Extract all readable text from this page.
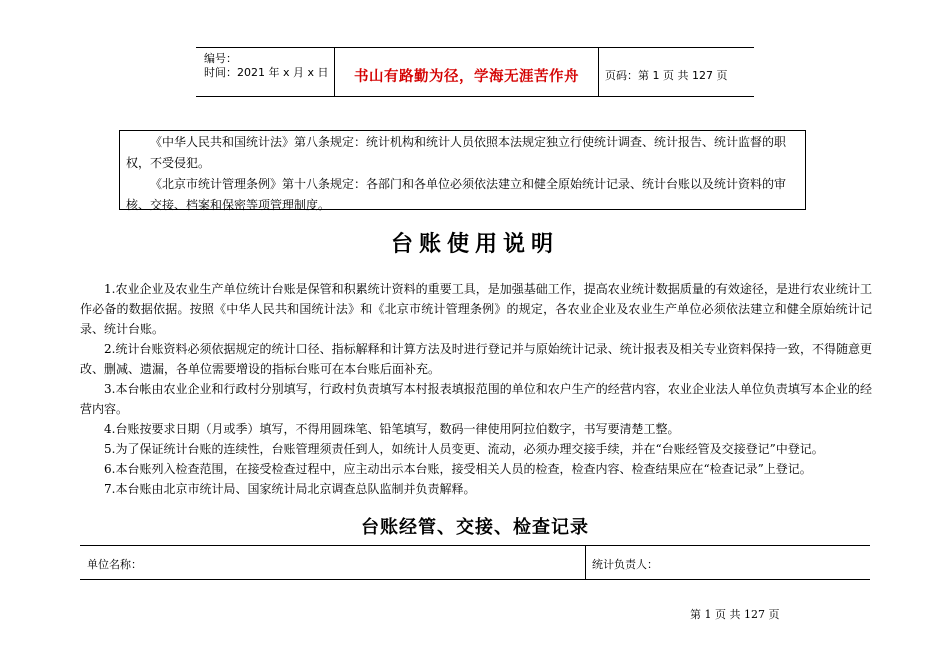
编号：
时间：2021 年 x 月 x 日	书山有路勤为径，学海无涯苦作舟	页码：第 1 页 共 127 页

《中华人民共和国统计法》第八条规定：统计机构和统计人员依照本法规定独立行使统计调查、统计报告、统计监督的职权，不受侵犯。

《北京市统计管理条例》第十八条规定：各部门和各单位必须依法建立和健全原始统计记录、统计台账以及统计资料的审核、交接、档案和保密等项管理制度。

台账使用说明

1.农业企业及农业生产单位统计台账是保管和积累统计资料的重要工具，是加强基础工作，提高农业统计数据质量的有效途径，是进行农业统计工作必备的数据依据。按照《中华人民共和国统计法》和《北京市统计管理条例》的规定，各农业企业及农业生产单位必须依法建立和健全原始统计记录、统计台账。

2.统计台账资料必须依据规定的统计口径、指标解释和计算方法及时进行登记并与原始统计记录、统计报表及相关专业资料保持一致，不得随意更改、删减、遗漏，各单位需要增设的指标台账可在本台账后面补充。

3.本台帐由农业企业和行政村分别填写，行政村负责填写本村报表填报范围的单位和农户生产的经营内容，农业企业法人单位负责填写本企业的经营内容。

4.台账按要求日期（月或季）填写，不得用圆珠笔、铅笔填写，数码一律使用阿拉伯数字，书写要清楚工整。

5.为了保证统计台账的连续性，台账管理须责任到人，如统计人员变更、流动，必须办理交接手续，并在“台账经管及交接登记”中登记。

6.本台账列入检查范围，在接受检查过程中，应主动出示本台账，接受相关人员的检查，检查内容、检查结果应在“检查记录”上登记。

7.本台账由北京市统计局、国家统计局北京调查总队监制并负责解释。

台账经管、交接、检查记录
单位名称：	统计负责人：
第 1 页 共 127 页
